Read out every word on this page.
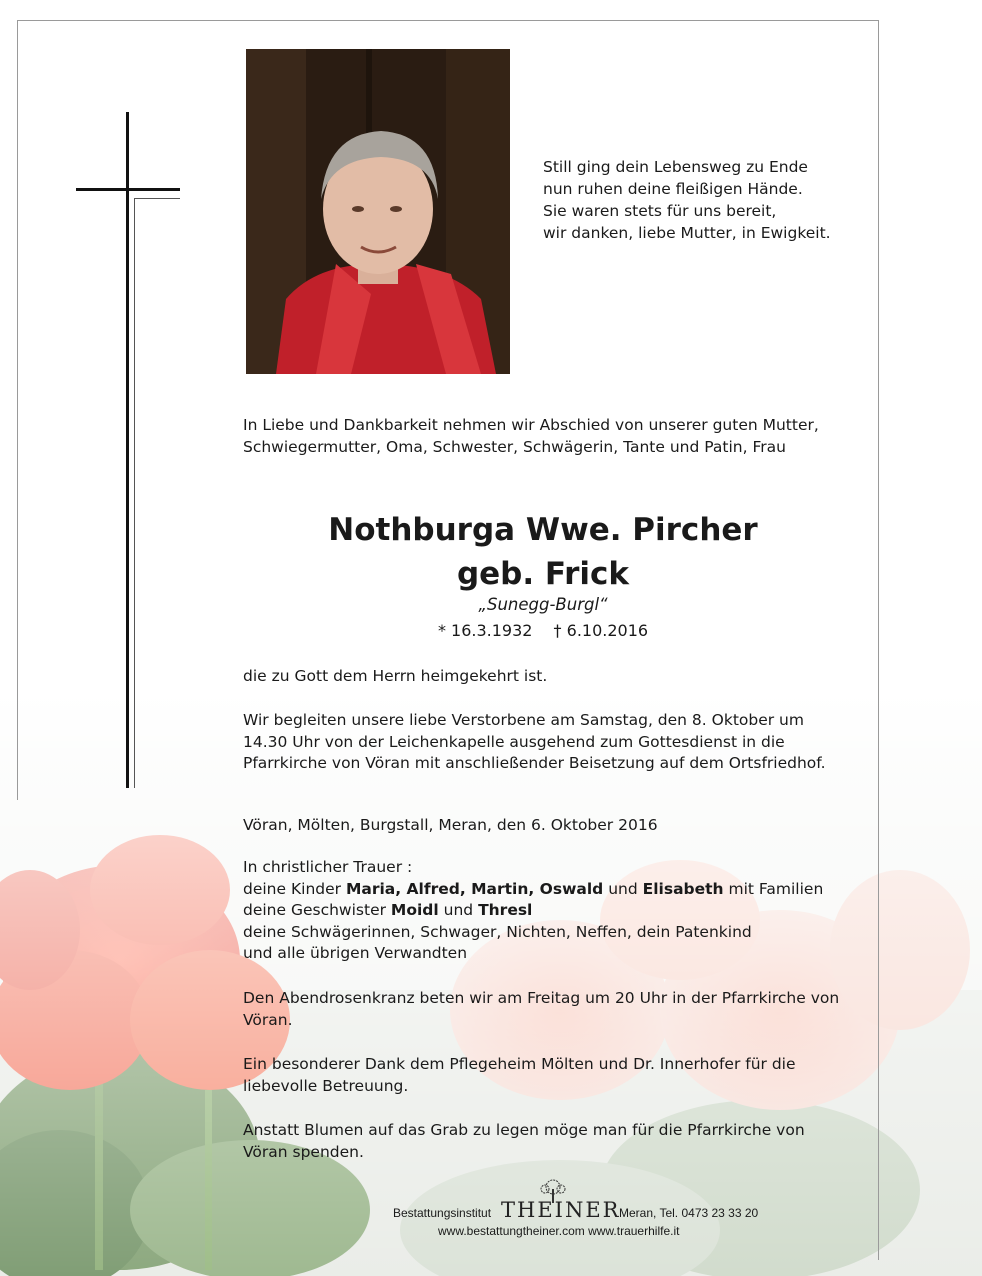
Still ging dein Lebensweg zu Ende
nun ruhen deine fleißigen Hände.
Sie waren stets für uns bereit,
wir danken, liebe Mutter, in Ewigkeit.
In Liebe und Dankbarkeit nehmen wir Abschied von unserer guten Mutter, Schwiegermutter, Oma, Schwester, Schwägerin, Tante und Patin, Frau
Nothburga Wwe. Pircher
geb. Frick
„Sunegg-Burgl“
* 16.3.1932 † 6.10.2016
die zu Gott dem Herrn heimgekehrt ist.
Wir begleiten unsere liebe Verstorbene am Samstag, den 8. Oktober um 14.30 Uhr von der Leichenkapelle ausgehend zum Gottesdienst in die Pfarrkirche von Vöran mit anschließender Beisetzung auf dem Ortsfriedhof.
Vöran, Mölten, Burgstall, Meran, den 6. Oktober 2016
In christlicher Trauer :
deine Kinder Maria, Alfred, Martin, Oswald und Elisabeth mit Familien
deine Geschwister Moidl und Thresl
deine Schwägerinnen, Schwager, Nichten, Neffen, dein Patenkind
und alle übrigen Verwandten
Den Abendrosenkranz beten wir am Freitag um 20 Uhr in der Pfarrkirche von Vöran.
Ein besonderer Dank dem Pflegeheim Mölten und Dr. Innerhofer für die liebevolle Betreuung.
Anstatt Blumen auf das Grab zu legen möge man für die Pfarrkirche von Vöran spenden.
Bestattungsinstitut THEINER
Meran, Tel. 0473 23 33 20
www.bestattungtheiner.com www.trauerhilfe.it
